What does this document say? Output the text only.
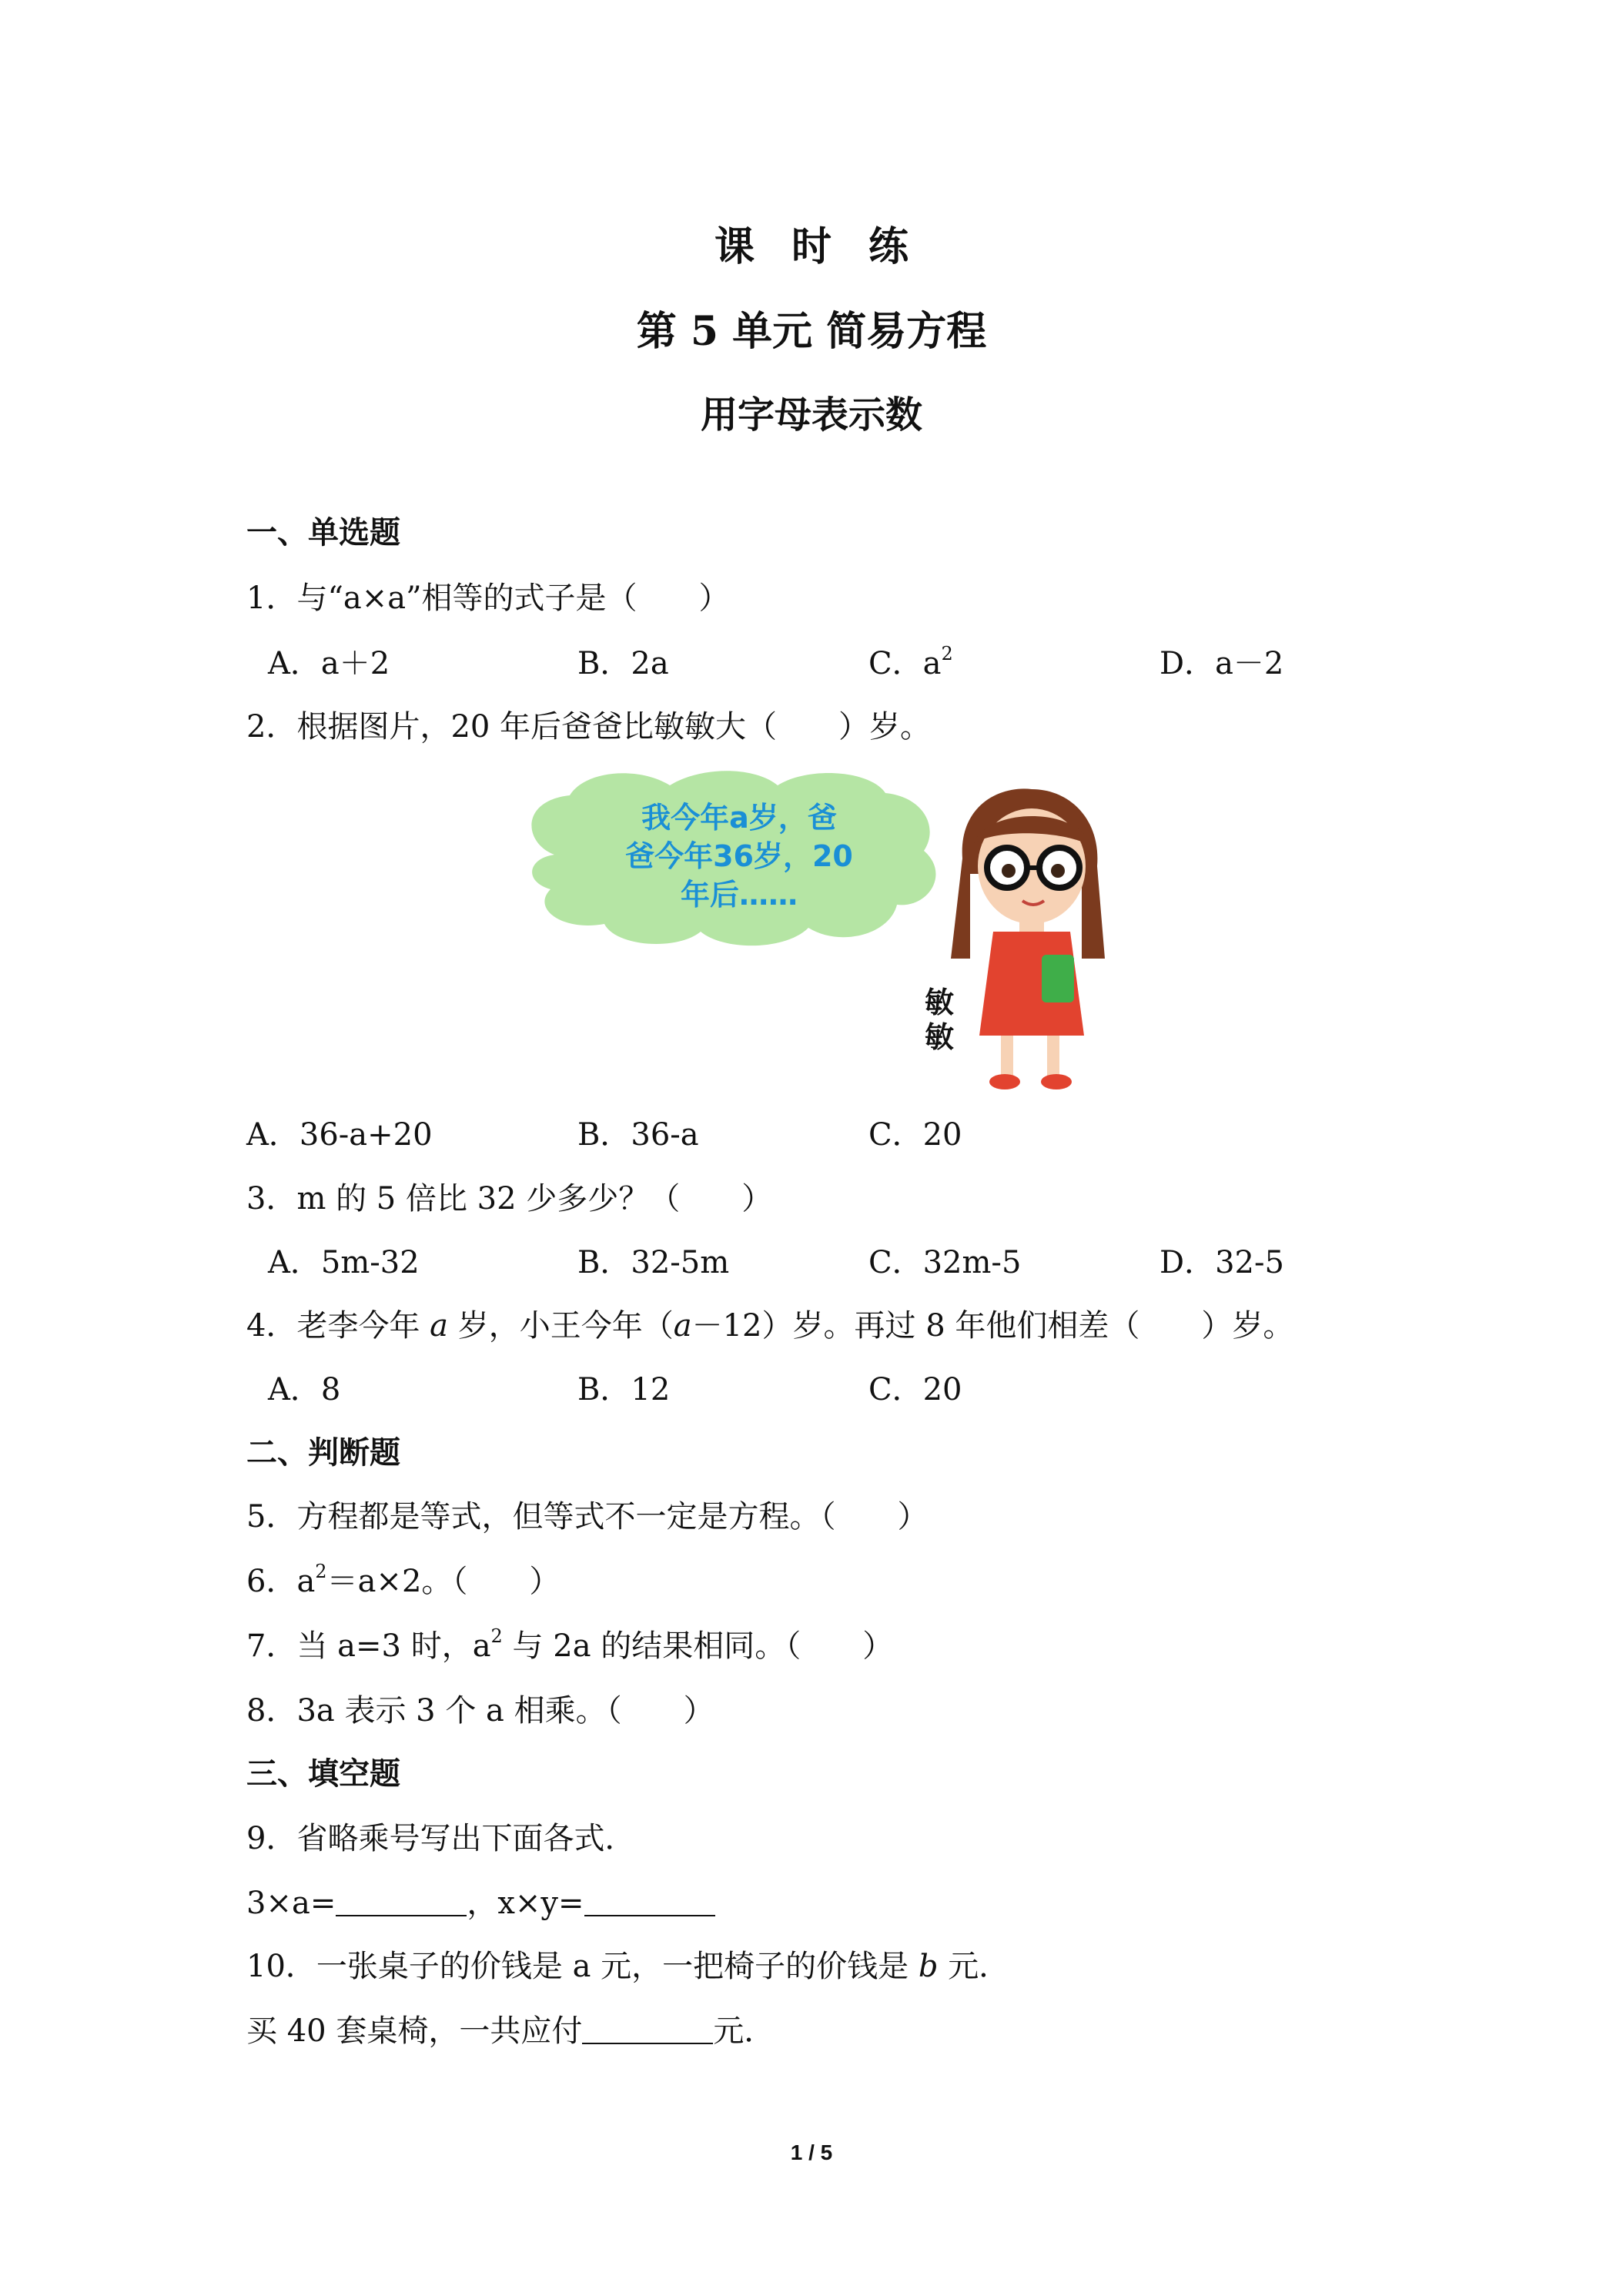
课时练
第 5 单元 简易方程
用字母表示数
一、单选题
1．与“a×a”相等的式子是（　　）
A．a＋2	B．2a	C．$a^2$	D．a－2
2．根据图片，20 年后爸爸比敏敏大（　　）岁。
我今年a岁，爸
爸今年36岁，20
年后……
敏
敏
A．36-a+20	B．36-a	C．20
3．m 的 5 倍比 32 少多少？（　　）
A．5m-32	B．32-5m	C．32m-5	D．32-5
4．老李今年 a 岁，小王今年（a－12）岁。再过 8 年他们相差（　　）岁。
A．8	B．12	C．20
二、判断题
5．方程都是等式，但等式不一定是方程。（　　）
6．$a^2=a\times 2$。（　　）
7．当 a=3 时，$a^2$ 与 2a 的结果相同。（　　）
8．3a 表示 3 个 a 相乘。（　　）
三、填空题
9．省略乘号写出下面各式．
3×a=	，x×y=
10．一张桌子的价钱是 a 元，一把椅子的价钱是 b 元．
买 40 套桌椅，一共应付	元．
1 / 5
